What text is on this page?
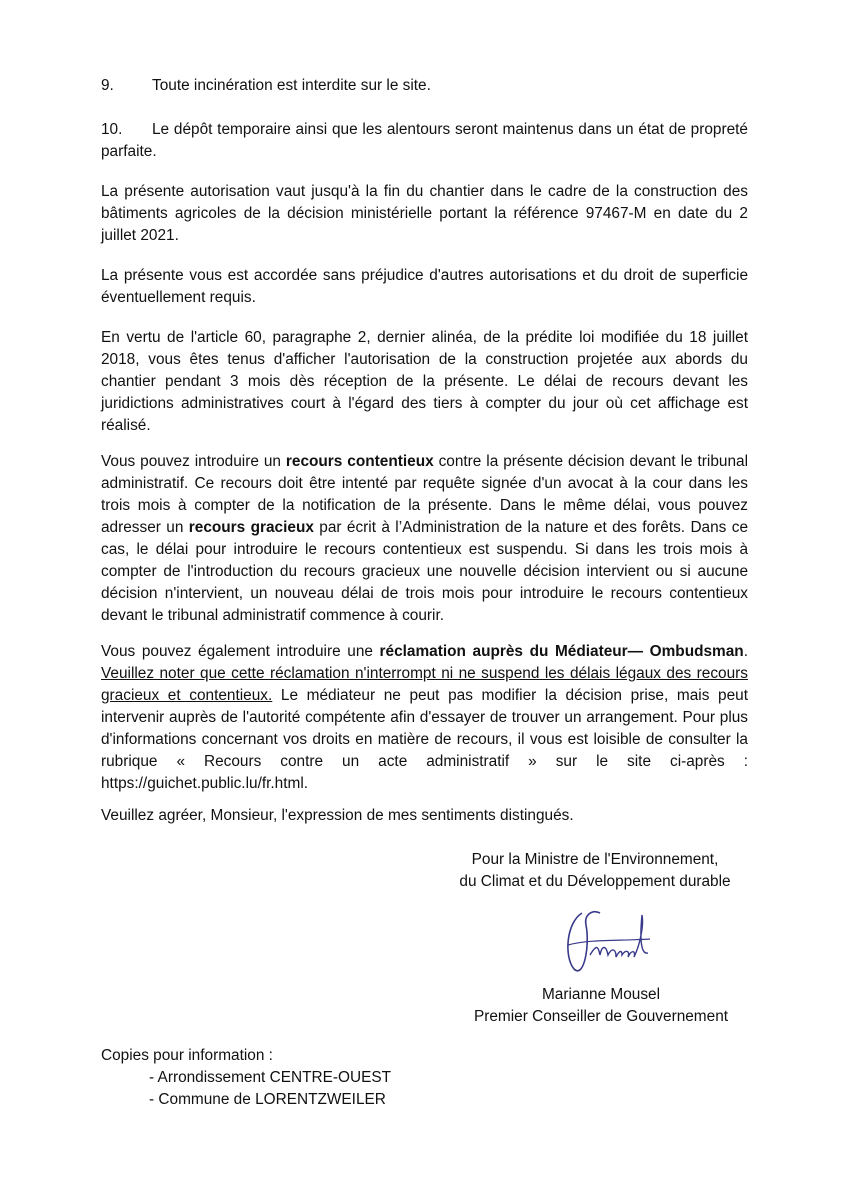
9. Toute incinération est interdite sur le site.

10. Le dépôt temporaire ainsi que les alentours seront maintenus dans un état de propreté parfaite.

La présente autorisation vaut jusqu'à la fin du chantier dans le cadre de la construction des bâtiments agricoles de la décision ministérielle portant la référence 97467-M en date du 2 juillet 2021.

La présente vous est accordée sans préjudice d'autres autorisations et du droit de superficie éventuellement requis.

En vertu de l'article 60, paragraphe 2, dernier alinéa, de la prédite loi modifiée du 18 juillet 2018, vous êtes tenus d'afficher l'autorisation de la construction projetée aux abords du chantier pendant 3 mois dès réception de la présente. Le délai de recours devant les juridictions administratives court à l'égard des tiers à compter du jour où cet affichage est réalisé.

Vous pouvez introduire un recours contentieux contre la présente décision devant le tribunal administratif. Ce recours doit être intenté par requête signée d'un avocat à la cour dans les trois mois à compter de la notification de la présente. Dans le même délai, vous pouvez adresser un recours gracieux par écrit à l’Administration de la nature et des forêts. Dans ce cas, le délai pour introduire le recours contentieux est suspendu. Si dans les trois mois à compter de l'introduction du recours gracieux une nouvelle décision intervient ou si aucune décision n'intervient, un nouveau délai de trois mois pour introduire le recours contentieux devant le tribunal administratif commence à courir.

Vous pouvez également introduire une réclamation auprès du Médiateur— Ombudsman. Veuillez noter que cette réclamation n'interrompt ni ne suspend les délais légaux des recours gracieux et contentieux. Le médiateur ne peut pas modifier la décision prise, mais peut intervenir auprès de l'autorité compétente afin d'essayer de trouver un arrangement. Pour plus d'informations concernant vos droits en matière de recours, il vous est loisible de consulter la rubrique « Recours contre un acte administratif » sur le site ci-après : https://guichet.public.lu/fr.html.

Veuillez agréer, Monsieur, l'expression de mes sentiments distingués.

Pour la Ministre de l'Environnement,
du Climat et du Développement durable
Marianne Mousel
Premier Conseiller de Gouvernement
Copies pour information :
- Arrondissement CENTRE-OUEST
- Commune de LORENTZWEILER
